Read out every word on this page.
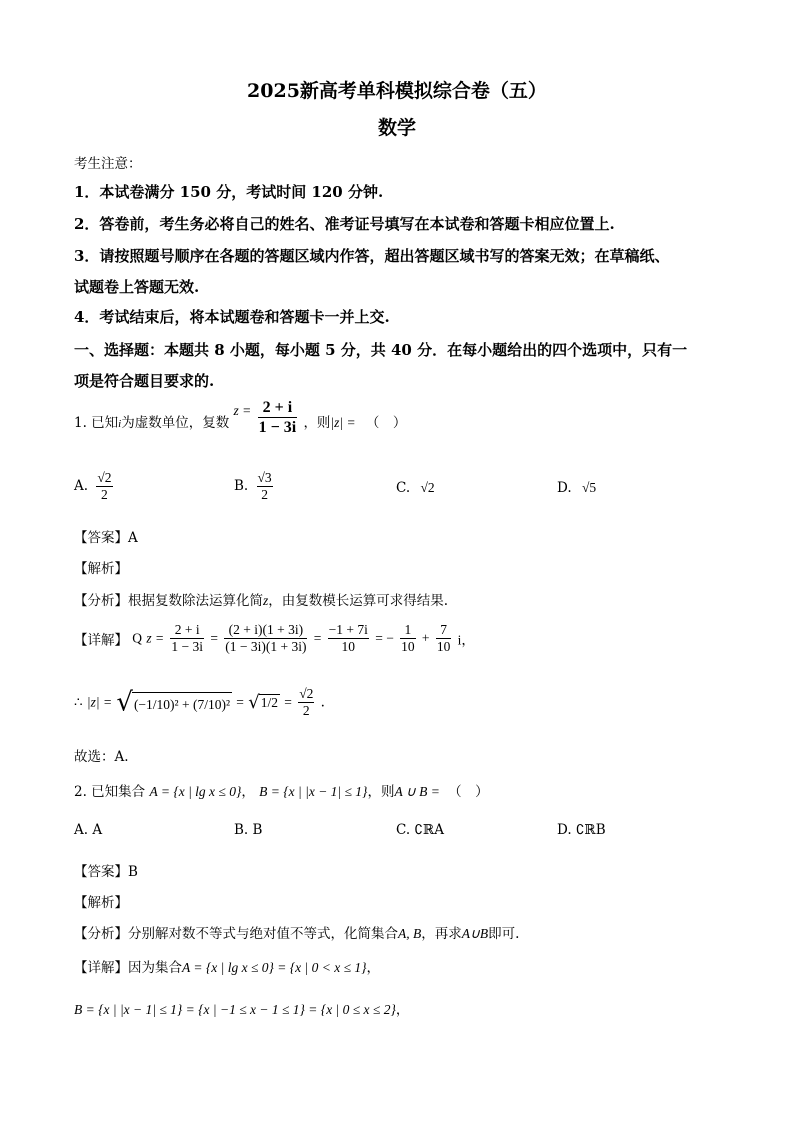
2025新高考单科模拟综合卷（五）
数学
考生注意：
1．本试卷满分 150 分，考试时间 120 分钟.
2．答卷前，考生务必将自己的姓名、准考证号填写在本试卷和答题卡相应位置上.
3．请按照题号顺序在各题的答题区域内作答，超出答题区域书写的答案无效；在草稿纸、
试题卷上答题无效.
4．考试结束后，将本试题卷和答题卡一并上交.
一、选择题：本题共 8 小题，每小题 5 分，共 40 分．在每小题给出的四个选项中，只有一
项是符合题目要求的.
1. 已知i为虚数单位，复数 $z = \frac{2 + i}{1 - 3i}$ ，则|z| = （　）
A. $\frac{√2}{2}$	B. $\frac{√3}{2}$	C. √2	D. √5
【答案】A
【解析】
【分析】根据复数除法运算化简z，由复数模长运算可求得结果.
【详解】 Q $z = \frac{2 + i}{1 - 3i} = \frac{(2 + i)(1 + 3i)}{(1 - 3i)(1 + 3i)} = \frac{-1 + 7i}{10}$ = − $\frac{1}{10} + \frac{7}{10}$ i，
∴ $|z| = √(-1/10)^2 + (7/10)^2 = √1/2 = \frac{√2}{2}$ .
故选：A.
2. 已知集合 A = {x | lg x ≤ 0}， B = {x | |x − 1| ≤ 1}，则A ∪ B = （　）
A. A	B. B	C. ∁ℝA	D. ∁ℝB
【答案】B
【解析】
【分析】分别解对数不等式与绝对值不等式，化简集合A, B，再求A∪B即可.
【详解】因为集合A = {x | lg x ≤ 0} = {x | 0 < x ≤ 1}，
B = {x | |x − 1| ≤ 1} = {x | −1 ≤ x − 1 ≤ 1} = {x | 0 ≤ x ≤ 2}，
